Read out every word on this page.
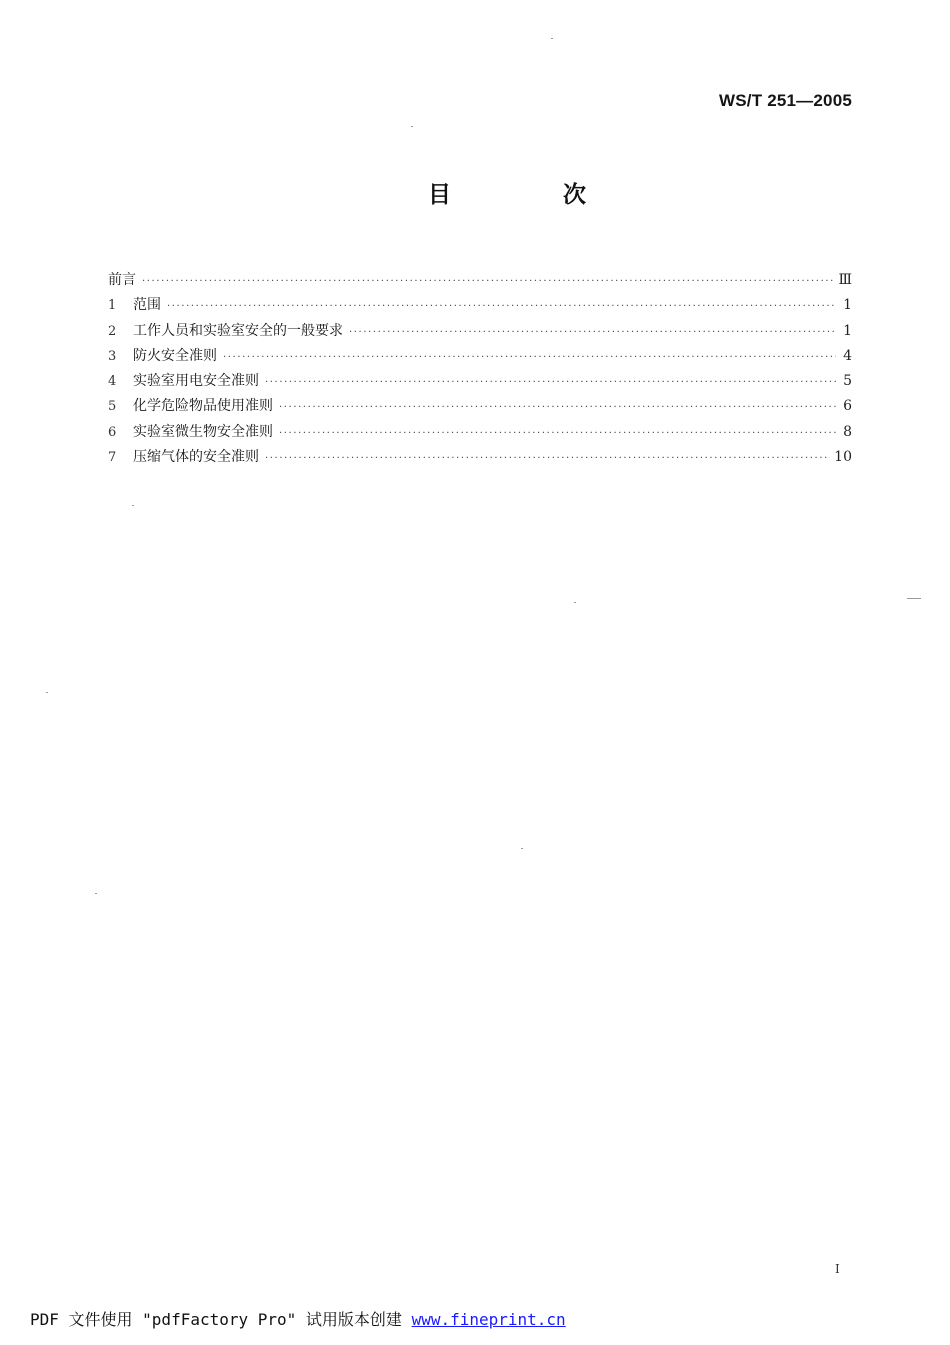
WS/T 251—2005
目 次
前言 ·····	Ⅲ
1	范围 ·····	1
2	工作人员和实验室安全的一般要求 ·····	1
3	防火安全准则 ·····	4
4	实验室用电安全准则 ·····	5
5	化学危险物品使用准则 ·····	6
6	实验室微生物安全准则 ·····	8
7	压缩气体的安全准则 ·····	10
I
PDF 文件使用 "pdfFactory Pro" 试用版本创建 www.fineprint.cn
